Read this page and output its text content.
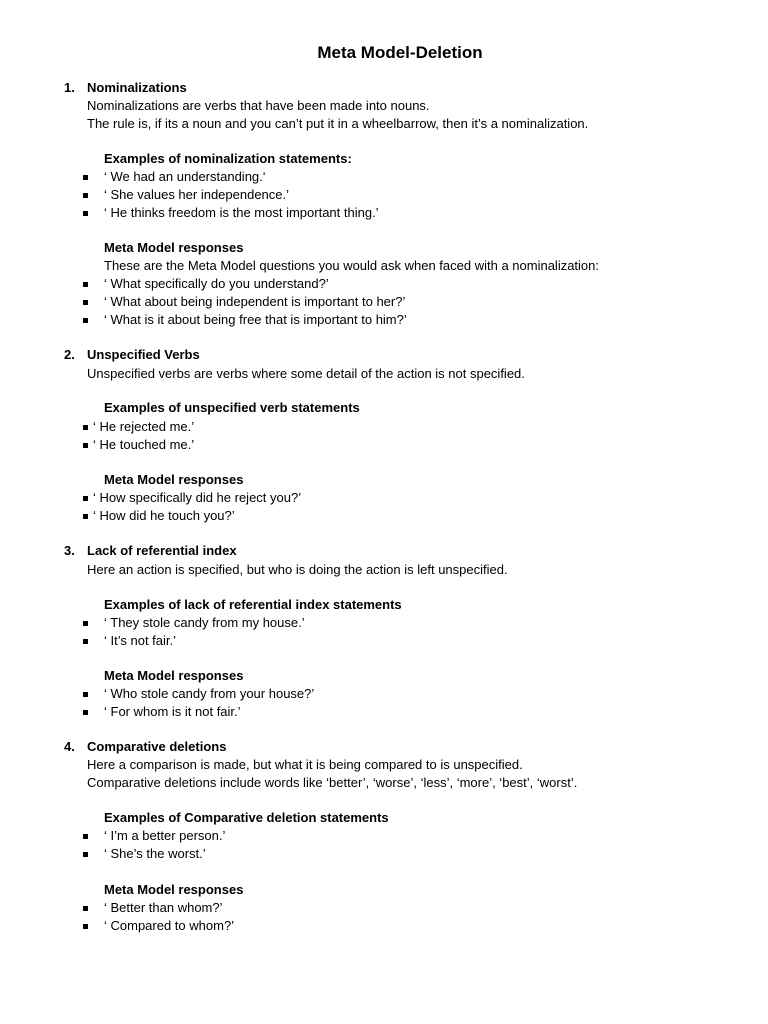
Meta Model-Deletion
1. Nominalizations
Nominalizations are verbs that have been made into nouns.
The rule is, if its a noun and you can’t put it in a wheelbarrow, then it’s a nominalization.
Examples of nominalization statements:
‘ We had an understanding.‘
‘ She values her independence.’
‘ He thinks freedom is the most important thing.’
Meta Model responses
These are the Meta Model questions you would ask when faced with a nominalization:
‘ What specifically do you understand?’
‘ What about being independent is important to her?’
‘ What is it about being free that is important to him?’
2. Unspecified Verbs
Unspecified verbs are verbs where some detail of the action is not specified.
Examples of unspecified verb statements
‘ He rejected me.’
‘ He touched me.’
Meta Model responses
‘ How specifically did he reject you?’
‘ How did he touch you?’
3. Lack of referential index
Here an action is specified, but who is doing the action is left unspecified.
Examples of lack of referential index statements
‘ They stole candy from my house.’
‘ It’s not fair.’
Meta Model responses
‘ Who stole candy from your house?’
‘ For whom is it not fair.’
4. Comparative deletions
Here a comparison is made, but what it is being compared to is unspecified.
Comparative deletions include words like ‘better’, ‘worse’, ‘less’, ‘more’, ‘best’, ‘worst’.
Examples of Comparative deletion statements
‘ I’m a better person.’
‘ She’s the worst.’
Meta Model responses
‘ Better than whom?’
‘ Compared to whom?’
